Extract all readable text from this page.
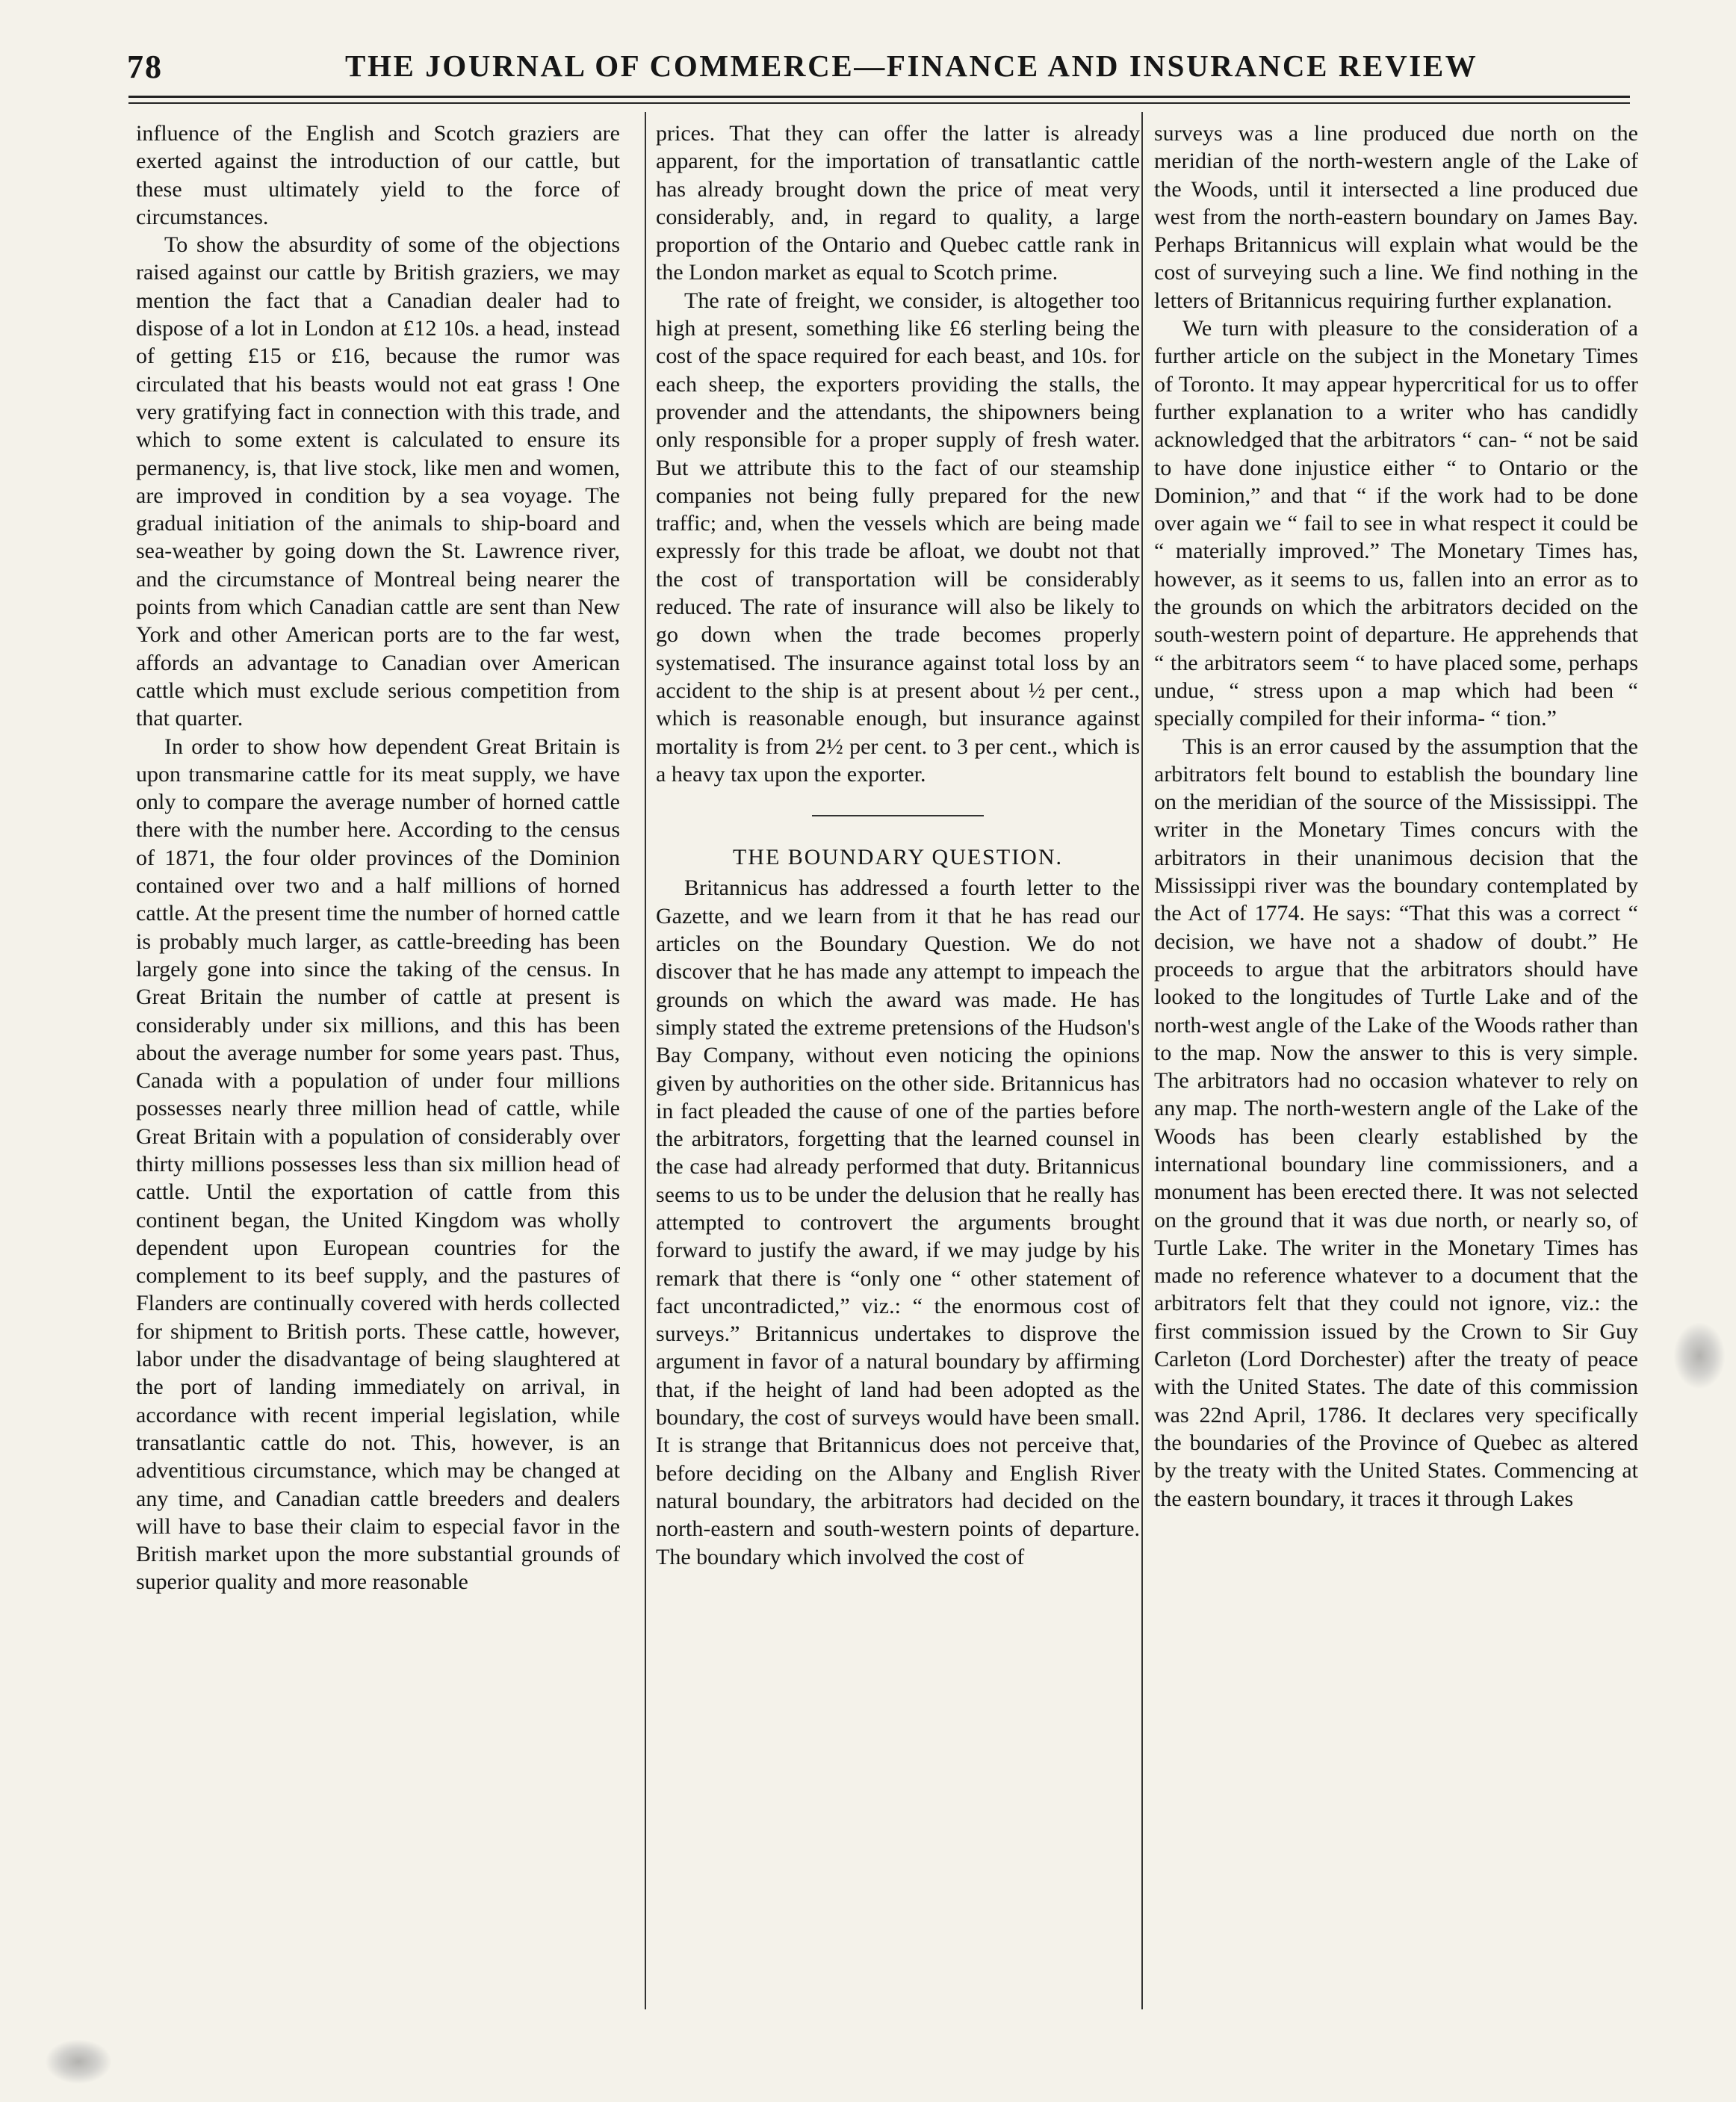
78	THE JOURNAL OF COMMERCE—FINANCE AND INSURANCE REVIEW

influence of the English and Scotch graziers are exerted against the introduction of our cattle, but these must ultimately yield to the force of circumstances.

To show the absurdity of some of the objections raised against our cattle by British graziers, we may mention the fact that a Canadian dealer had to dispose of a lot in London at £12 10s. a head, instead of getting £15 or £16, because the rumor was circulated that his beasts would not eat grass ! One very gratifying fact in connection with this trade, and which to some extent is calculated to ensure its permanency, is, that live stock, like men and women, are improved in condition by a sea voyage. The gradual initiation of the animals to ship-board and sea-weather by going down the St. Lawrence river, and the circumstance of Montreal being nearer the points from which Canadian cattle are sent than New York and other American ports are to the far west, affords an advantage to Canadian over American cattle which must exclude serious competition from that quarter.

In order to show how dependent Great Britain is upon transmarine cattle for its meat supply, we have only to compare the average number of horned cattle there with the number here. According to the census of 1871, the four older provinces of the Dominion contained over two and a half millions of horned cattle. At the present time the number of horned cattle is probably much larger, as cattle-breeding has been largely gone into since the taking of the census. In Great Britain the number of cattle at present is considerably under six millions, and this has been about the average number for some years past. Thus, Canada with a population of under four millions possesses nearly three million head of cattle, while Great Britain with a population of considerably over thirty millions possesses less than six million head of cattle. Until the exportation of cattle from this continent began, the United Kingdom was wholly dependent upon European countries for the complement to its beef supply, and the pastures of Flanders are continually covered with herds collected for shipment to British ports. These cattle, however, labor under the disadvantage of being slaughtered at the port of landing immediately on arrival, in accordance with recent imperial legislation, while transatlantic cattle do not. This, however, is an adventitious circumstance, which may be changed at any time, and Canadian cattle breeders and dealers will have to base their claim to especial favor in the British market upon the more substantial grounds of superior quality and more reasonable

prices. That they can offer the latter is already apparent, for the importation of transatlantic cattle has already brought down the price of meat very considerably, and, in regard to quality, a large proportion of the Ontario and Quebec cattle rank in the London market as equal to Scotch prime.

The rate of freight, we consider, is altogether too high at present, something like £6 sterling being the cost of the space required for each beast, and 10s. for each sheep, the exporters providing the stalls, the provender and the attendants, the shipowners being only responsible for a proper supply of fresh water. But we attribute this to the fact of our steamship companies not being fully prepared for the new traffic; and, when the vessels which are being made expressly for this trade be afloat, we doubt not that the cost of transportation will be considerably reduced. The rate of insurance will also be likely to go down when the trade becomes properly systematised. The insurance against total loss by an accident to the ship is at present about ½ per cent., which is reasonable enough, but insurance against mortality is from 2½ per cent. to 3 per cent., which is a heavy tax upon the exporter.

THE BOUNDARY QUESTION.

Britannicus has addressed a fourth letter to the Gazette, and we learn from it that he has read our articles on the Boundary Question. We do not discover that he has made any attempt to impeach the grounds on which the award was made. He has simply stated the extreme pretensions of the Hudson's Bay Company, without even noticing the opinions given by authorities on the other side. Britannicus has in fact pleaded the cause of one of the parties before the arbitrators, forgetting that the learned counsel in the case had already performed that duty. Britannicus seems to us to be under the delusion that he really has attempted to controvert the arguments brought forward to justify the award, if we may judge by his remark that there is “only one “ other statement of fact uncontradicted,” viz.: “ the enormous cost of surveys.” Britannicus undertakes to disprove the argument in favor of a natural boundary by affirming that, if the height of land had been adopted as the boundary, the cost of surveys would have been small. It is strange that Britannicus does not perceive that, before deciding on the Albany and English River natural boundary, the arbitrators had decided on the north-eastern and south-western points of departure. The boundary which involved the cost of

surveys was a line produced due north on the meridian of the north-western angle of the Lake of the Woods, until it intersected a line produced due west from the north-eastern boundary on James Bay. Perhaps Britannicus will explain what would be the cost of surveying such a line. We find nothing in the letters of Britannicus requiring further explanation.

We turn with pleasure to the consideration of a further article on the subject in the Monetary Times of Toronto. It may appear hypercritical for us to offer further explanation to a writer who has candidly acknowledged that the arbitrators “ can- “ not be said to have done injustice either “ to Ontario or the Dominion,” and that “ if the work had to be done over again we “ fail to see in what respect it could be “ materially improved.” The Monetary Times has, however, as it seems to us, fallen into an error as to the grounds on which the arbitrators decided on the south-western point of departure. He apprehends that “ the arbitrators seem “ to have placed some, perhaps undue, “ stress upon a map which had been “ specially compiled for their informa- “ tion.”

This is an error caused by the assumption that the arbitrators felt bound to establish the boundary line on the meridian of the source of the Mississippi. The writer in the Monetary Times concurs with the arbitrators in their unanimous decision that the Mississippi river was the boundary contemplated by the Act of 1774. He says: “That this was a correct “ decision, we have not a shadow of doubt.” He proceeds to argue that the arbitrators should have looked to the longitudes of Turtle Lake and of the north-west angle of the Lake of the Woods rather than to the map. Now the answer to this is very simple. The arbitrators had no occasion whatever to rely on any map. The north-western angle of the Lake of the Woods has been clearly established by the international boundary line commissioners, and a monument has been erected there. It was not selected on the ground that it was due north, or nearly so, of Turtle Lake. The writer in the Monetary Times has made no reference whatever to a document that the arbitrators felt that they could not ignore, viz.: the first commission issued by the Crown to Sir Guy Carleton (Lord Dorchester) after the treaty of peace with the United States. The date of this commission was 22nd April, 1786. It declares very specifically the boundaries of the Province of Quebec as altered by the treaty with the United States. Commencing at the eastern boundary, it traces it through Lakes
